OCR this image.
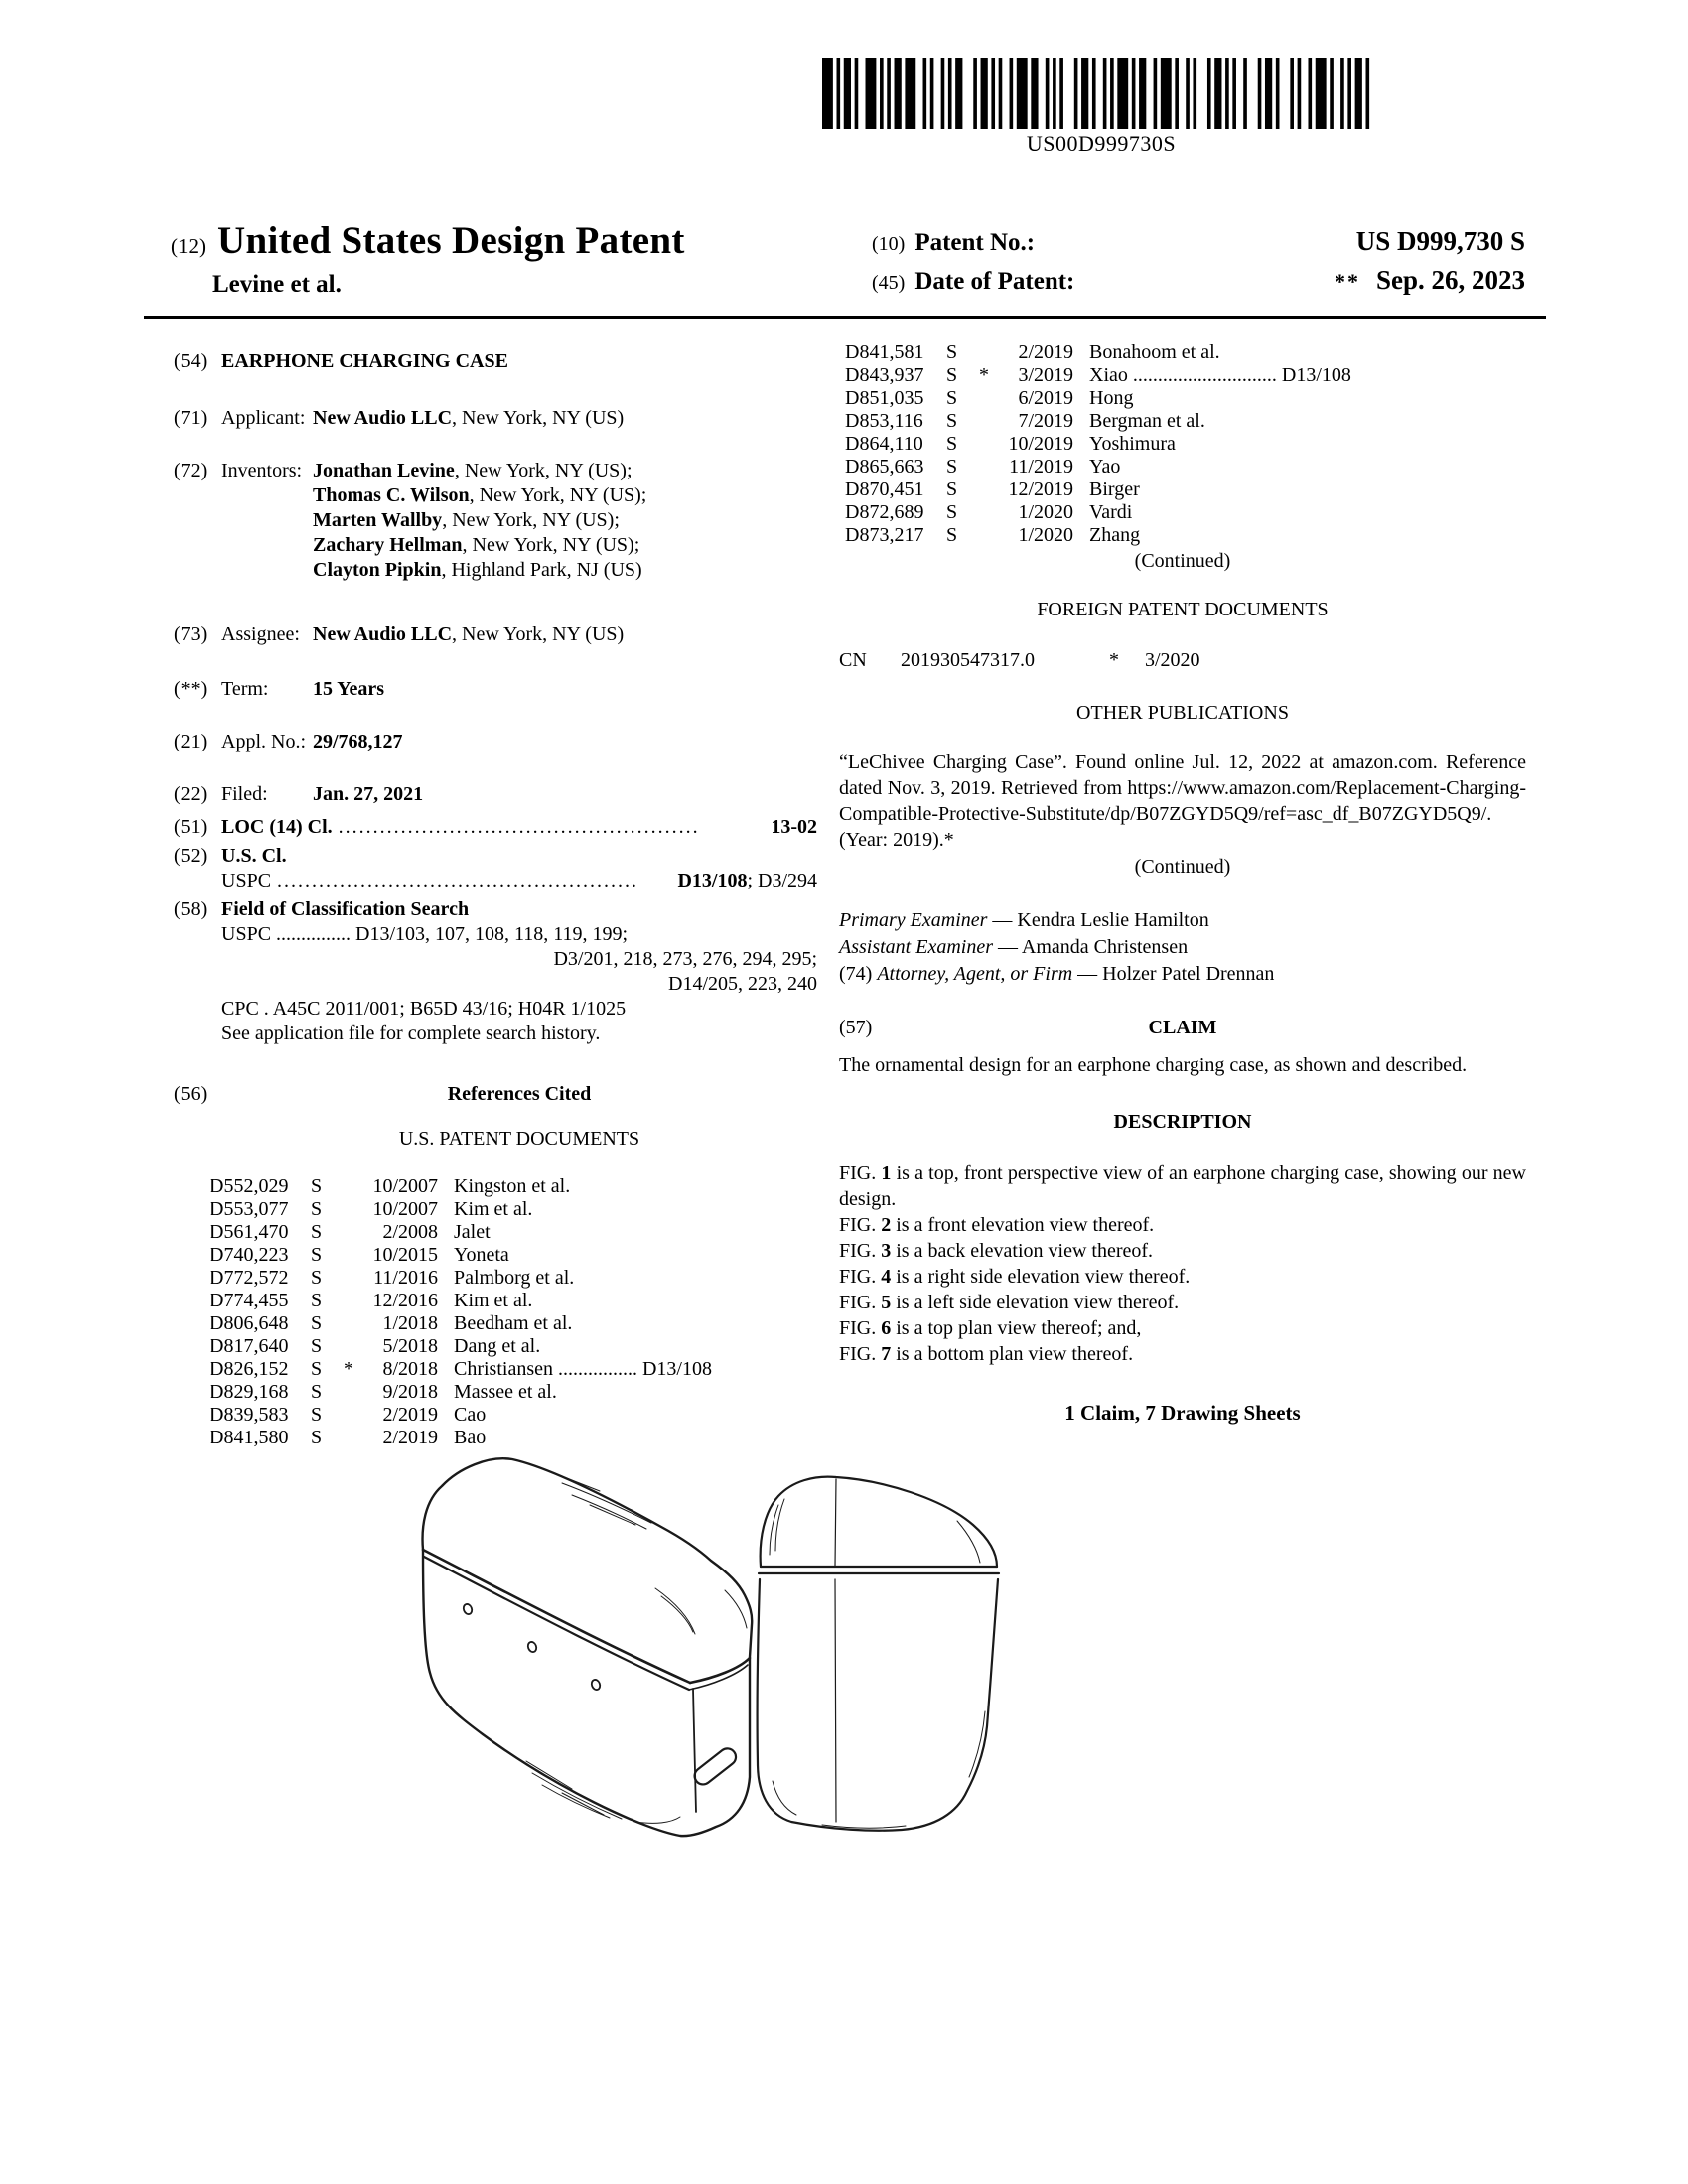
US00D999730S
(12) United States Design Patent
Levine et al.
(10) Patent No.:	US D999,730 S
(45) Date of Patent:	** Sep. 26, 2023
(54) EARPHONE CHARGING CASE
(71) Applicant: New Audio LLC, New York, NY (US)
(72) Inventors: Jonathan Levine, New York, NY (US); Thomas C. Wilson, New York, NY (US); Marten Wallby, New York, NY (US); Zachary Hellman, New York, NY (US); Clayton Pipkin, Highland Park, NJ (US)
(73) Assignee: New Audio LLC, New York, NY (US)
(**) Term:	15 Years
(21) Appl. No.: 29/768,127
(22) Filed:	Jan. 27, 2021
(51) LOC (14) Cl. ....................................................	13-02
(52) U.S. Cl.
USPC ....................................................	D13/108; D3/294
(58) Field of Classification Search
USPC ............... D13/103, 107, 108, 118, 119, 199;
D3/201, 218, 273, 276, 294, 295;
D14/205, 223, 240
CPC . A45C 2011/001; B65D 43/16; H04R 1/1025
See application file for complete search history.
(56)	References Cited
U.S. PATENT DOCUMENTS
D552,029	S	10/2007 Kingston et al.
D553,077	S	10/2007 Kim et al.
D561,470	S	2/2008 Jalet
D740,223	S	10/2015 Yoneta
D772,572	S	11/2016 Palmborg et al.
D774,455	S	12/2016 Kim et al.
D806,648	S	1/2018 Beedham et al.
D817,640	S	5/2018 Dang et al.
D826,152	S	*	8/2018 Christiansen ................ D13/108
D829,168	S	9/2018 Massee et al.
D839,583	S	2/2019 Cao
D841,580	S	2/2019 Bao
D841,581	S	2/2019 Bonahoom et al.
D843,937	S	*	3/2019 Xiao ............................. D13/108
D851,035	S	6/2019 Hong
D853,116	S	7/2019 Bergman et al.
D864,110	S	10/2019 Yoshimura
D865,663	S	11/2019 Yao
D870,451	S	12/2019 Birger
D872,689	S	1/2020 Vardi
D873,217	S	1/2020 Zhang
(Continued)
FOREIGN PATENT DOCUMENTS
CN	201930547317.0	*	3/2020
OTHER PUBLICATIONS
“LeChivee Charging Case”. Found online Jul. 12, 2022 at amazon.com. Reference dated Nov. 3, 2019. Retrieved from https://www.amazon.com/Replacement-Charging-Compatible-Protective-Substitute/dp/B07ZGYD5Q9/ref=asc_df_B07ZGYD5Q9/. (Year: 2019).*
(Continued)
Primary Examiner — Kendra Leslie Hamilton
Assistant Examiner — Amanda Christensen
(74) Attorney, Agent, or Firm — Holzer Patel Drennan
(57)	CLAIM
The ornamental design for an earphone charging case, as shown and described.
DESCRIPTION
FIG. 1 is a top, front perspective view of an earphone charging case, showing our new design.
FIG. 2 is a front elevation view thereof.
FIG. 3 is a back elevation view thereof.
FIG. 4 is a right side elevation view thereof.
FIG. 5 is a left side elevation view thereof.
FIG. 6 is a top plan view thereof; and,
FIG. 7 is a bottom plan view thereof.
1 Claim, 7 Drawing Sheets
